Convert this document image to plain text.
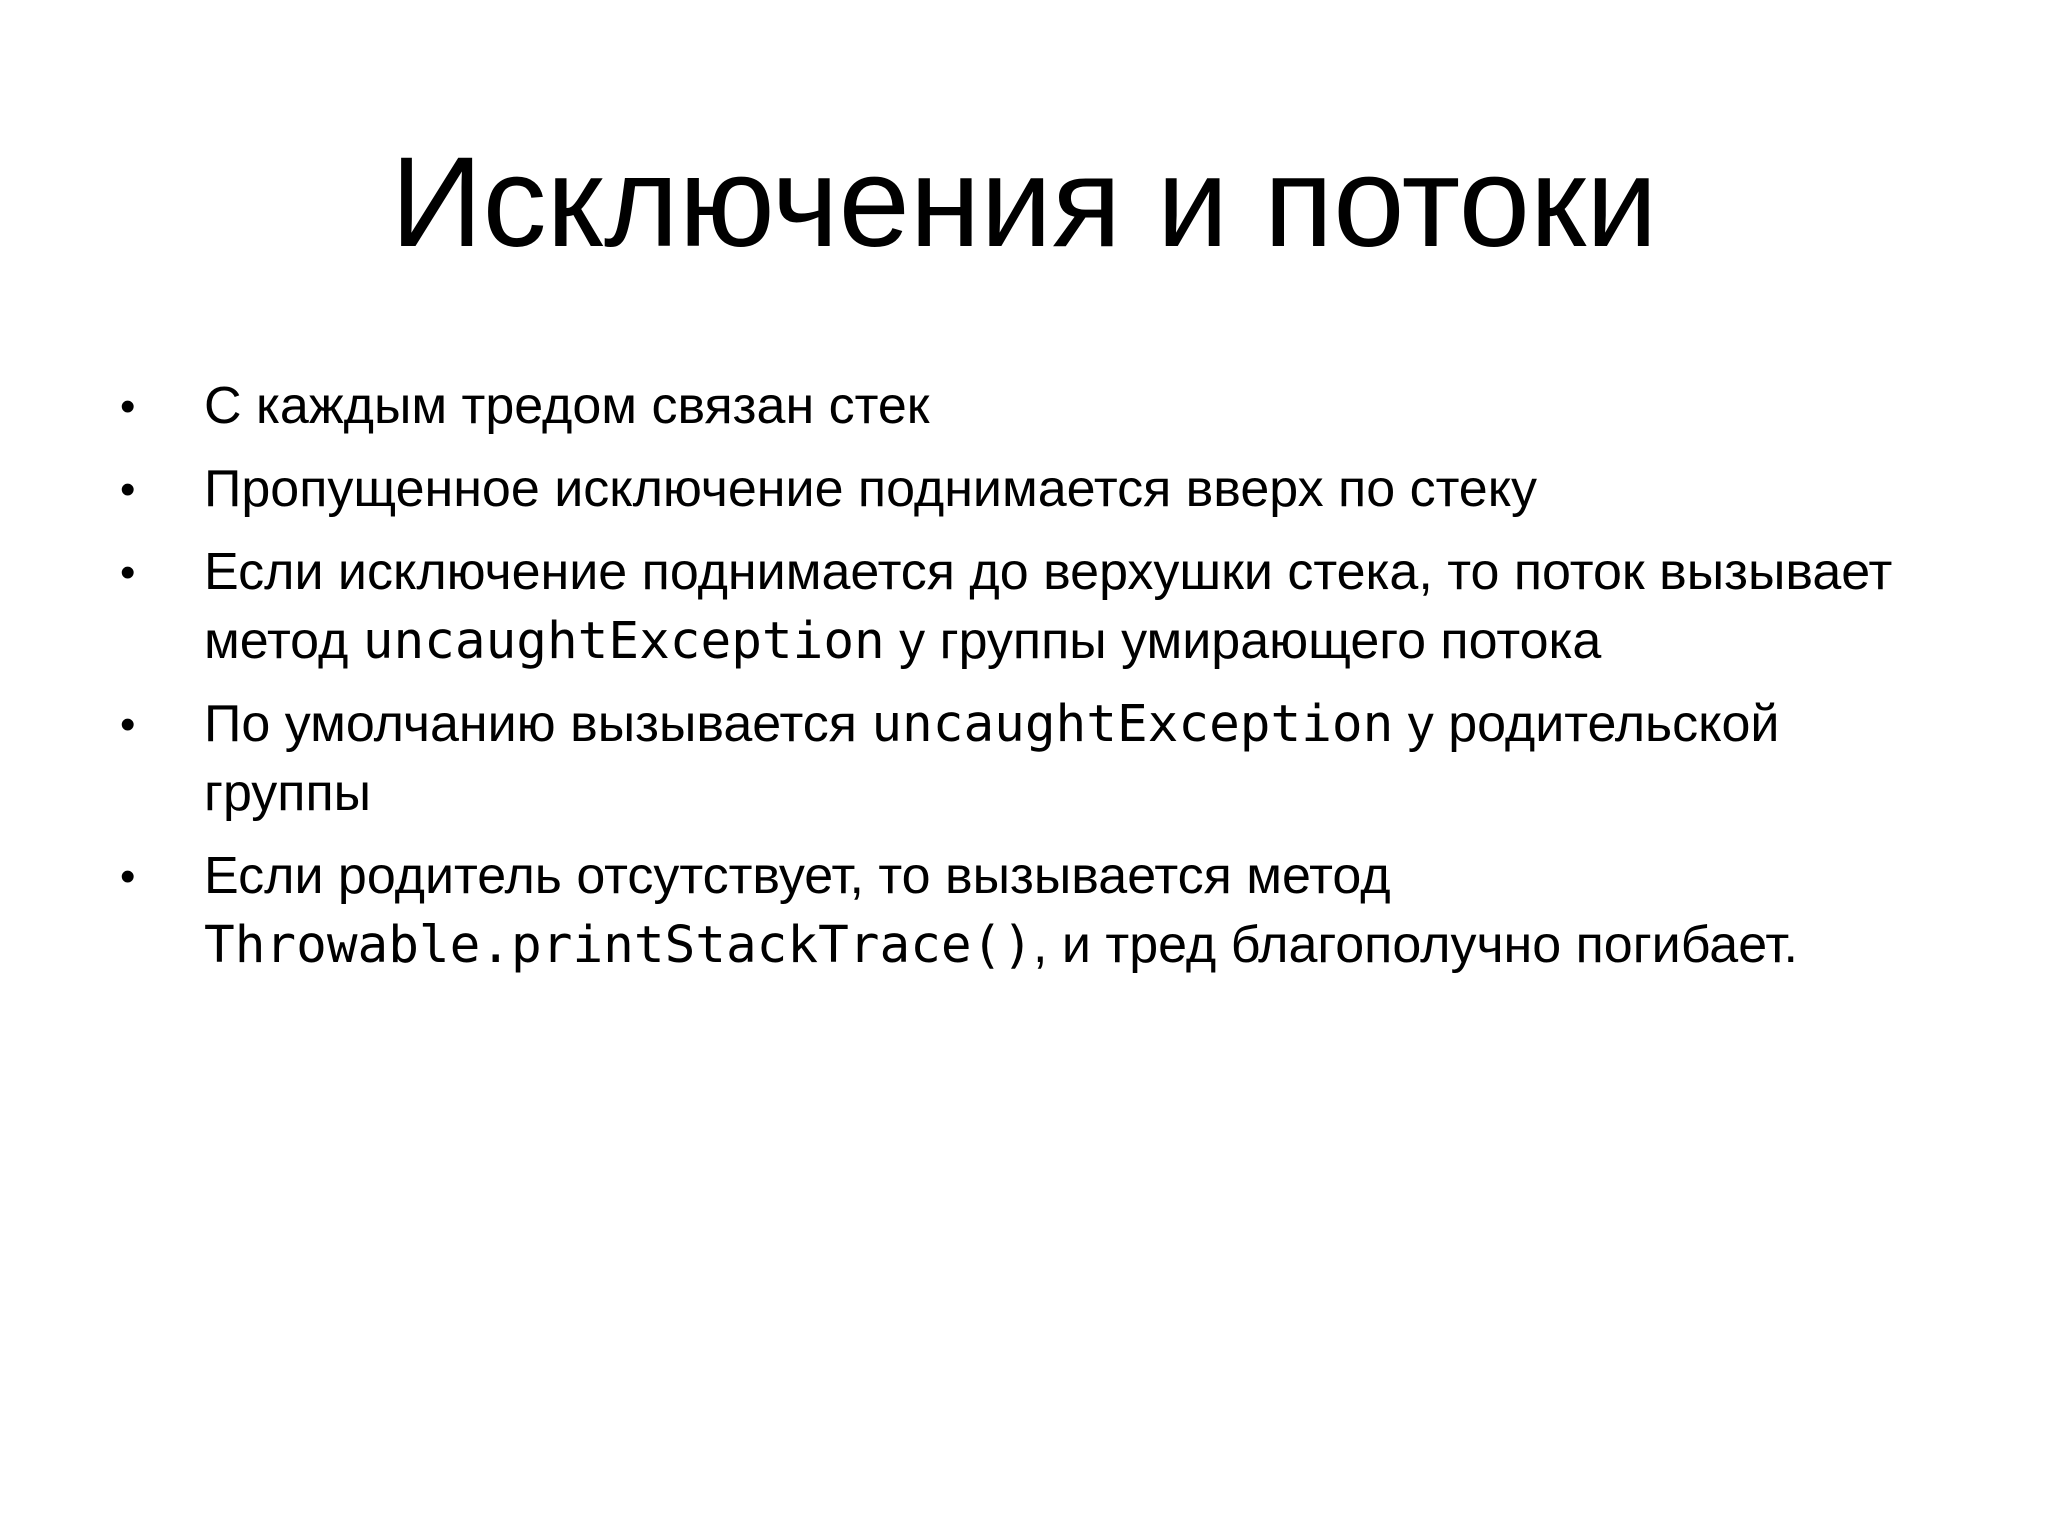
Исключения и потоки
•	С каждым тредом связан стек
•	Пропущенное исключение поднимается вверх по стеку
•	Если исключение поднимается до верхушки стека, то поток вызывает метод uncaughtException у группы умирающего потока
•	По умолчанию вызывается uncaughtException у родительской группы
•	Если родитель отсутствует, то вызывается метод Throwable.printStackTrace(), и тред благополучно погибает.
